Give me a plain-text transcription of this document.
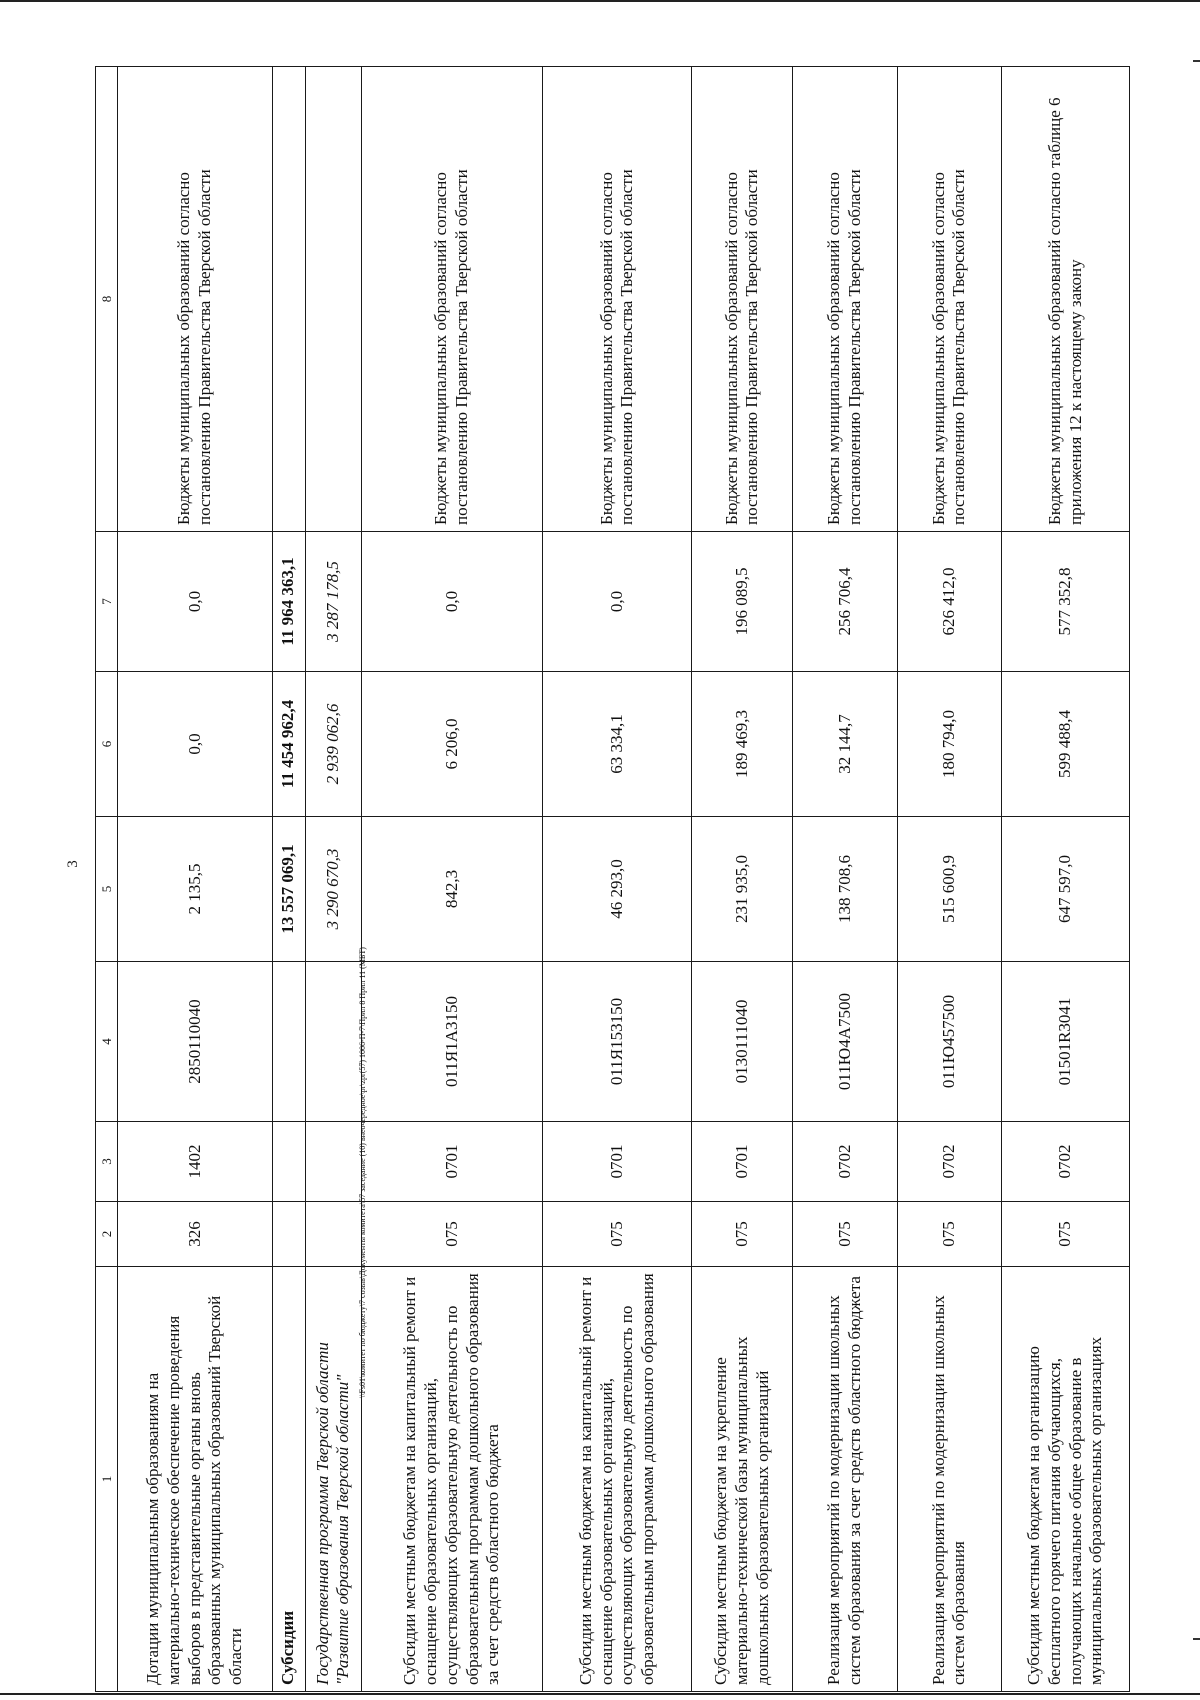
3
\\Fs01\комитет по бюджету\7 созыв\Документы комитета\57 заседание (10) внеочередное\pr\zpr(57) 1006-П-7\Прил 8 Прил 11 (МБТ)
1	2	3	4	5	6	7	8
Дотации муниципальным образованиям на материально-техническое обеспечение проведения выборов в представительные органы вновь образованных муниципальных образований Тверской области	326	1402	2850110040	2 135,5	0,0	0,0	Бюджеты муниципальных образований согласно постановлению Правительства Тверской области
Субсидии				13 557 069,1	11 454 962,4	11 964 363,1	
Государственная программа Тверской области "Развитие образования Тверской области"				3 290 670,3	2 939 062,6	3 287 178,5	
Субсидии местным бюджетам на капитальный ремонт и оснащение образовательных организаций, осуществляющих образовательную деятельность по образовательным программам дошкольного образования за счет средств областного бюджета	075	0701	011Я1А3150	842,3	6 206,0	0,0	Бюджеты муниципальных образований согласно постановлению Правительства Тверской области
Субсидии местным бюджетам на капитальный ремонт и оснащение образовательных организаций, осуществляющих образовательную деятельность по образовательным программам дошкольного образования	075	0701	011Я153150	46 293,0	63 334,1	0,0	Бюджеты муниципальных образований согласно постановлению Правительства Тверской области
Субсидии местным бюджетам на укрепление материально-технической базы муниципальных дошкольных образовательных организаций	075	0701	0130111040	231 935,0	189 469,3	196 089,5	Бюджеты муниципальных образований согласно постановлению Правительства Тверской области
Реализация мероприятий по модернизации школьных систем образования за счет средств областного бюджета	075	0702	011Ю4А7500	138 708,6	32 144,7	256 706,4	Бюджеты муниципальных образований согласно постановлению Правительства Тверской области
Реализация мероприятий по модернизации школьных систем образования	075	0702	011Ю457500	515 600,9	180 794,0	626 412,0	Бюджеты муниципальных образований согласно постановлению Правительства Тверской области
Субсидии местным бюджетам на организацию бесплатного горячего питания обучающихся, получающих начальное общее образование в муниципальных образовательных организациях	075	0702	01501R3041	647 597,0	599 488,4	577 352,8	Бюджеты муниципальных образований согласно таблице 6 приложения 12 к настоящему закону
